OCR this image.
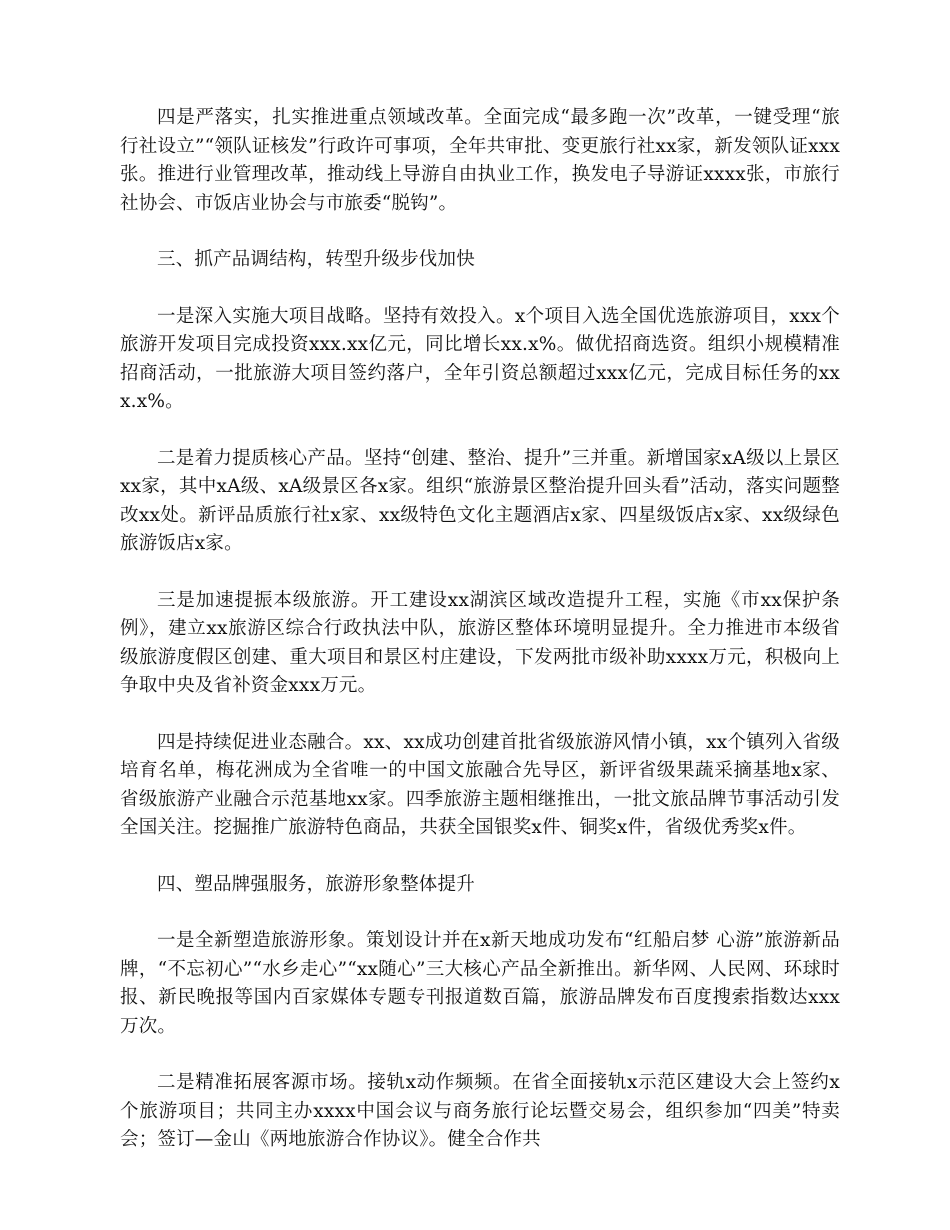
四是严落实，扎实推进重点领域改革。全面完成“最多跑一次”改革，一键受理“旅行社设立”“领队证核发”行政许可事项，全年共审批、变更旅行社xx家，新发领队证xxx张。推进行业管理改革，推动线上导游自由执业工作，换发电子导游证xxxx张，市旅行社协会、市饭店业协会与市旅委“脱钩”。

三、抓产品调结构，转型升级步伐加快

一是深入实施大项目战略。坚持有效投入。x个项目入选全国优选旅游项目，xxx个旅游开发项目完成投资xxx.xx亿元，同比增长xx.x%。做优招商选资。组织小规模精准招商活动，一批旅游大项目签约落户，全年引资总额超过xxx亿元，完成目标任务的xxx.x%。

二是着力提质核心产品。坚持“创建、整治、提升”三并重。新增国家xA级以上景区xx家，其中xA级、xA级景区各x家。组织“旅游景区整治提升回头看”活动，落实问题整改xx处。新评品质旅行社x家、xx级特色文化主题酒店x家、四星级饭店x家、xx级绿色旅游饭店x家。

三是加速提振本级旅游。开工建设xx湖滨区域改造提升工程，实施《市xx保护条例》，建立xx旅游区综合行政执法中队，旅游区整体环境明显提升。全力推进市本级省级旅游度假区创建、重大项目和景区村庄建设，下发两批市级补助xxxx万元，积极向上争取中央及省补资金xxx万元。

四是持续促进业态融合。xx、xx成功创建首批省级旅游风情小镇，xx个镇列入省级培育名单，梅花洲成为全省唯一的中国文旅融合先导区，新评省级果蔬采摘基地x家、省级旅游产业融合示范基地xx家。四季旅游主题相继推出，一批文旅品牌节事活动引发全国关注。挖掘推广旅游特色商品，共获全国银奖x件、铜奖x件，省级优秀奖x件。

四、塑品牌强服务，旅游形象整体提升

一是全新塑造旅游形象。策划设计并在x新天地成功发布“红船启梦 心游”旅游新品牌，“不忘初心”“水乡走心”“xx随心”三大核心产品全新推出。新华网、人民网、环球时报、新民晚报等国内百家媒体专题专刊报道数百篇，旅游品牌发布百度搜索指数达xxx万次。

二是精准拓展客源市场。接轨x动作频频。在省全面接轨x示范区建设大会上签约x个旅游项目；共同主办xxxx中国会议与商务旅行论坛暨交易会，组织参加“四美”特卖会；签订—金山《两地旅游合作协议》。健全合作共
